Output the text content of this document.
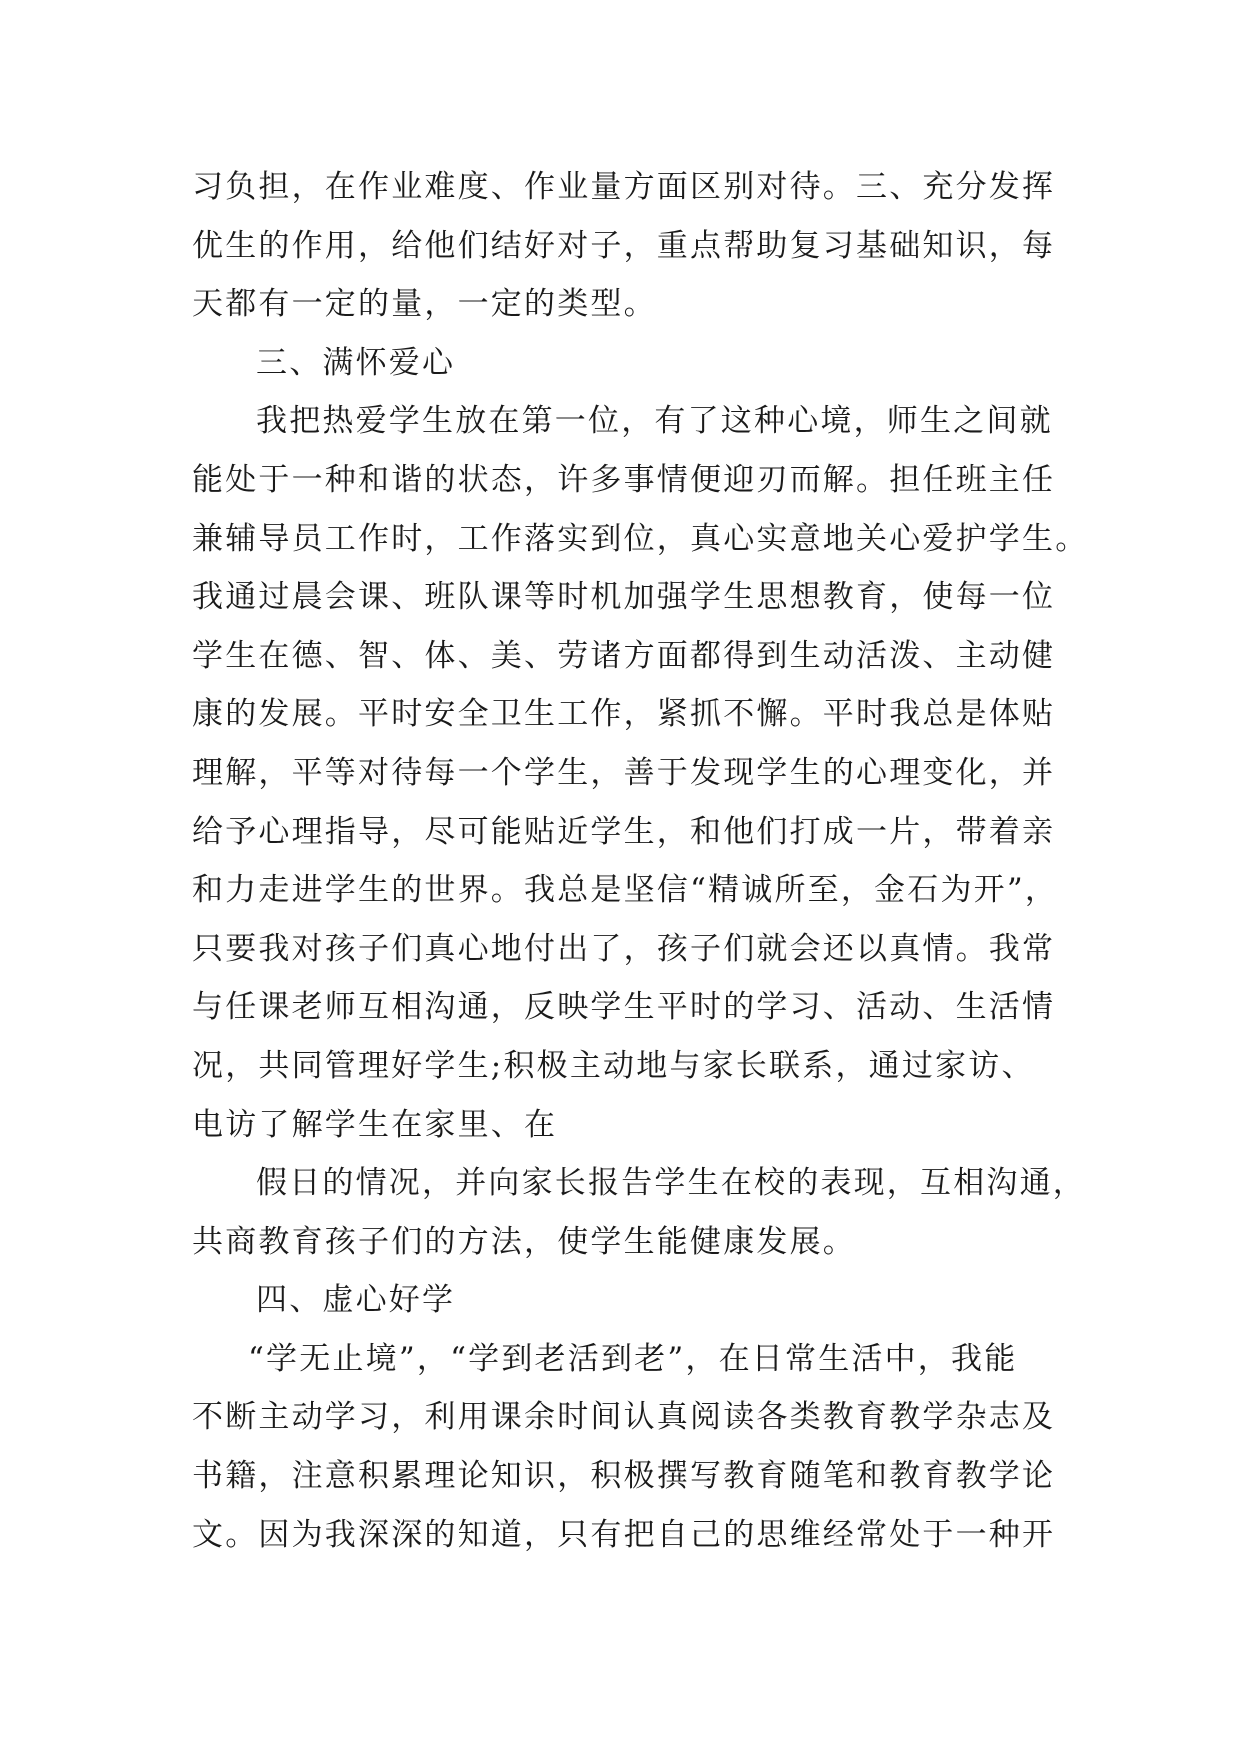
习负担，在作业难度、作业量方面区别对待。三、充分发挥
优生的作用，给他们结好对子，重点帮助复习基础知识，每
天都有一定的量，一定的类型。
三、满怀爱心
我把热爱学生放在第一位，有了这种心境，师生之间就
能处于一种和谐的状态，许多事情便迎刃而解。担任班主任
兼辅导员工作时，工作落实到位，真心实意地关心爱护学生。
我通过晨会课、班队课等时机加强学生思想教育，使每一位
学生在德、智、体、美、劳诸方面都得到生动活泼、主动健
康的发展。平时安全卫生工作，紧抓不懈。平时我总是体贴
理解，平等对待每一个学生，善于发现学生的心理变化，并
给予心理指导，尽可能贴近学生，和他们打成一片，带着亲
和力走进学生的世界。我总是坚信“精诚所至，金石为开”，
只要我对孩子们真心地付出了，孩子们就会还以真情。我常
与任课老师互相沟通，反映学生平时的学习、活动、生活情
况，共同管理好学生;积极主动地与家长联系，通过家访、
电访了解学生在家里、在
假日的情况，并向家长报告学生在校的表现，互相沟通，
共商教育孩子们的方法，使学生能健康发展。
四、虚心好学
“学无止境”，“学到老活到老”，在日常生活中，我能
不断主动学习，利用课余时间认真阅读各类教育教学杂志及
书籍，注意积累理论知识，积极撰写教育随笔和教育教学论
文。因为我深深的知道，只有把自己的思维经常处于一种开
